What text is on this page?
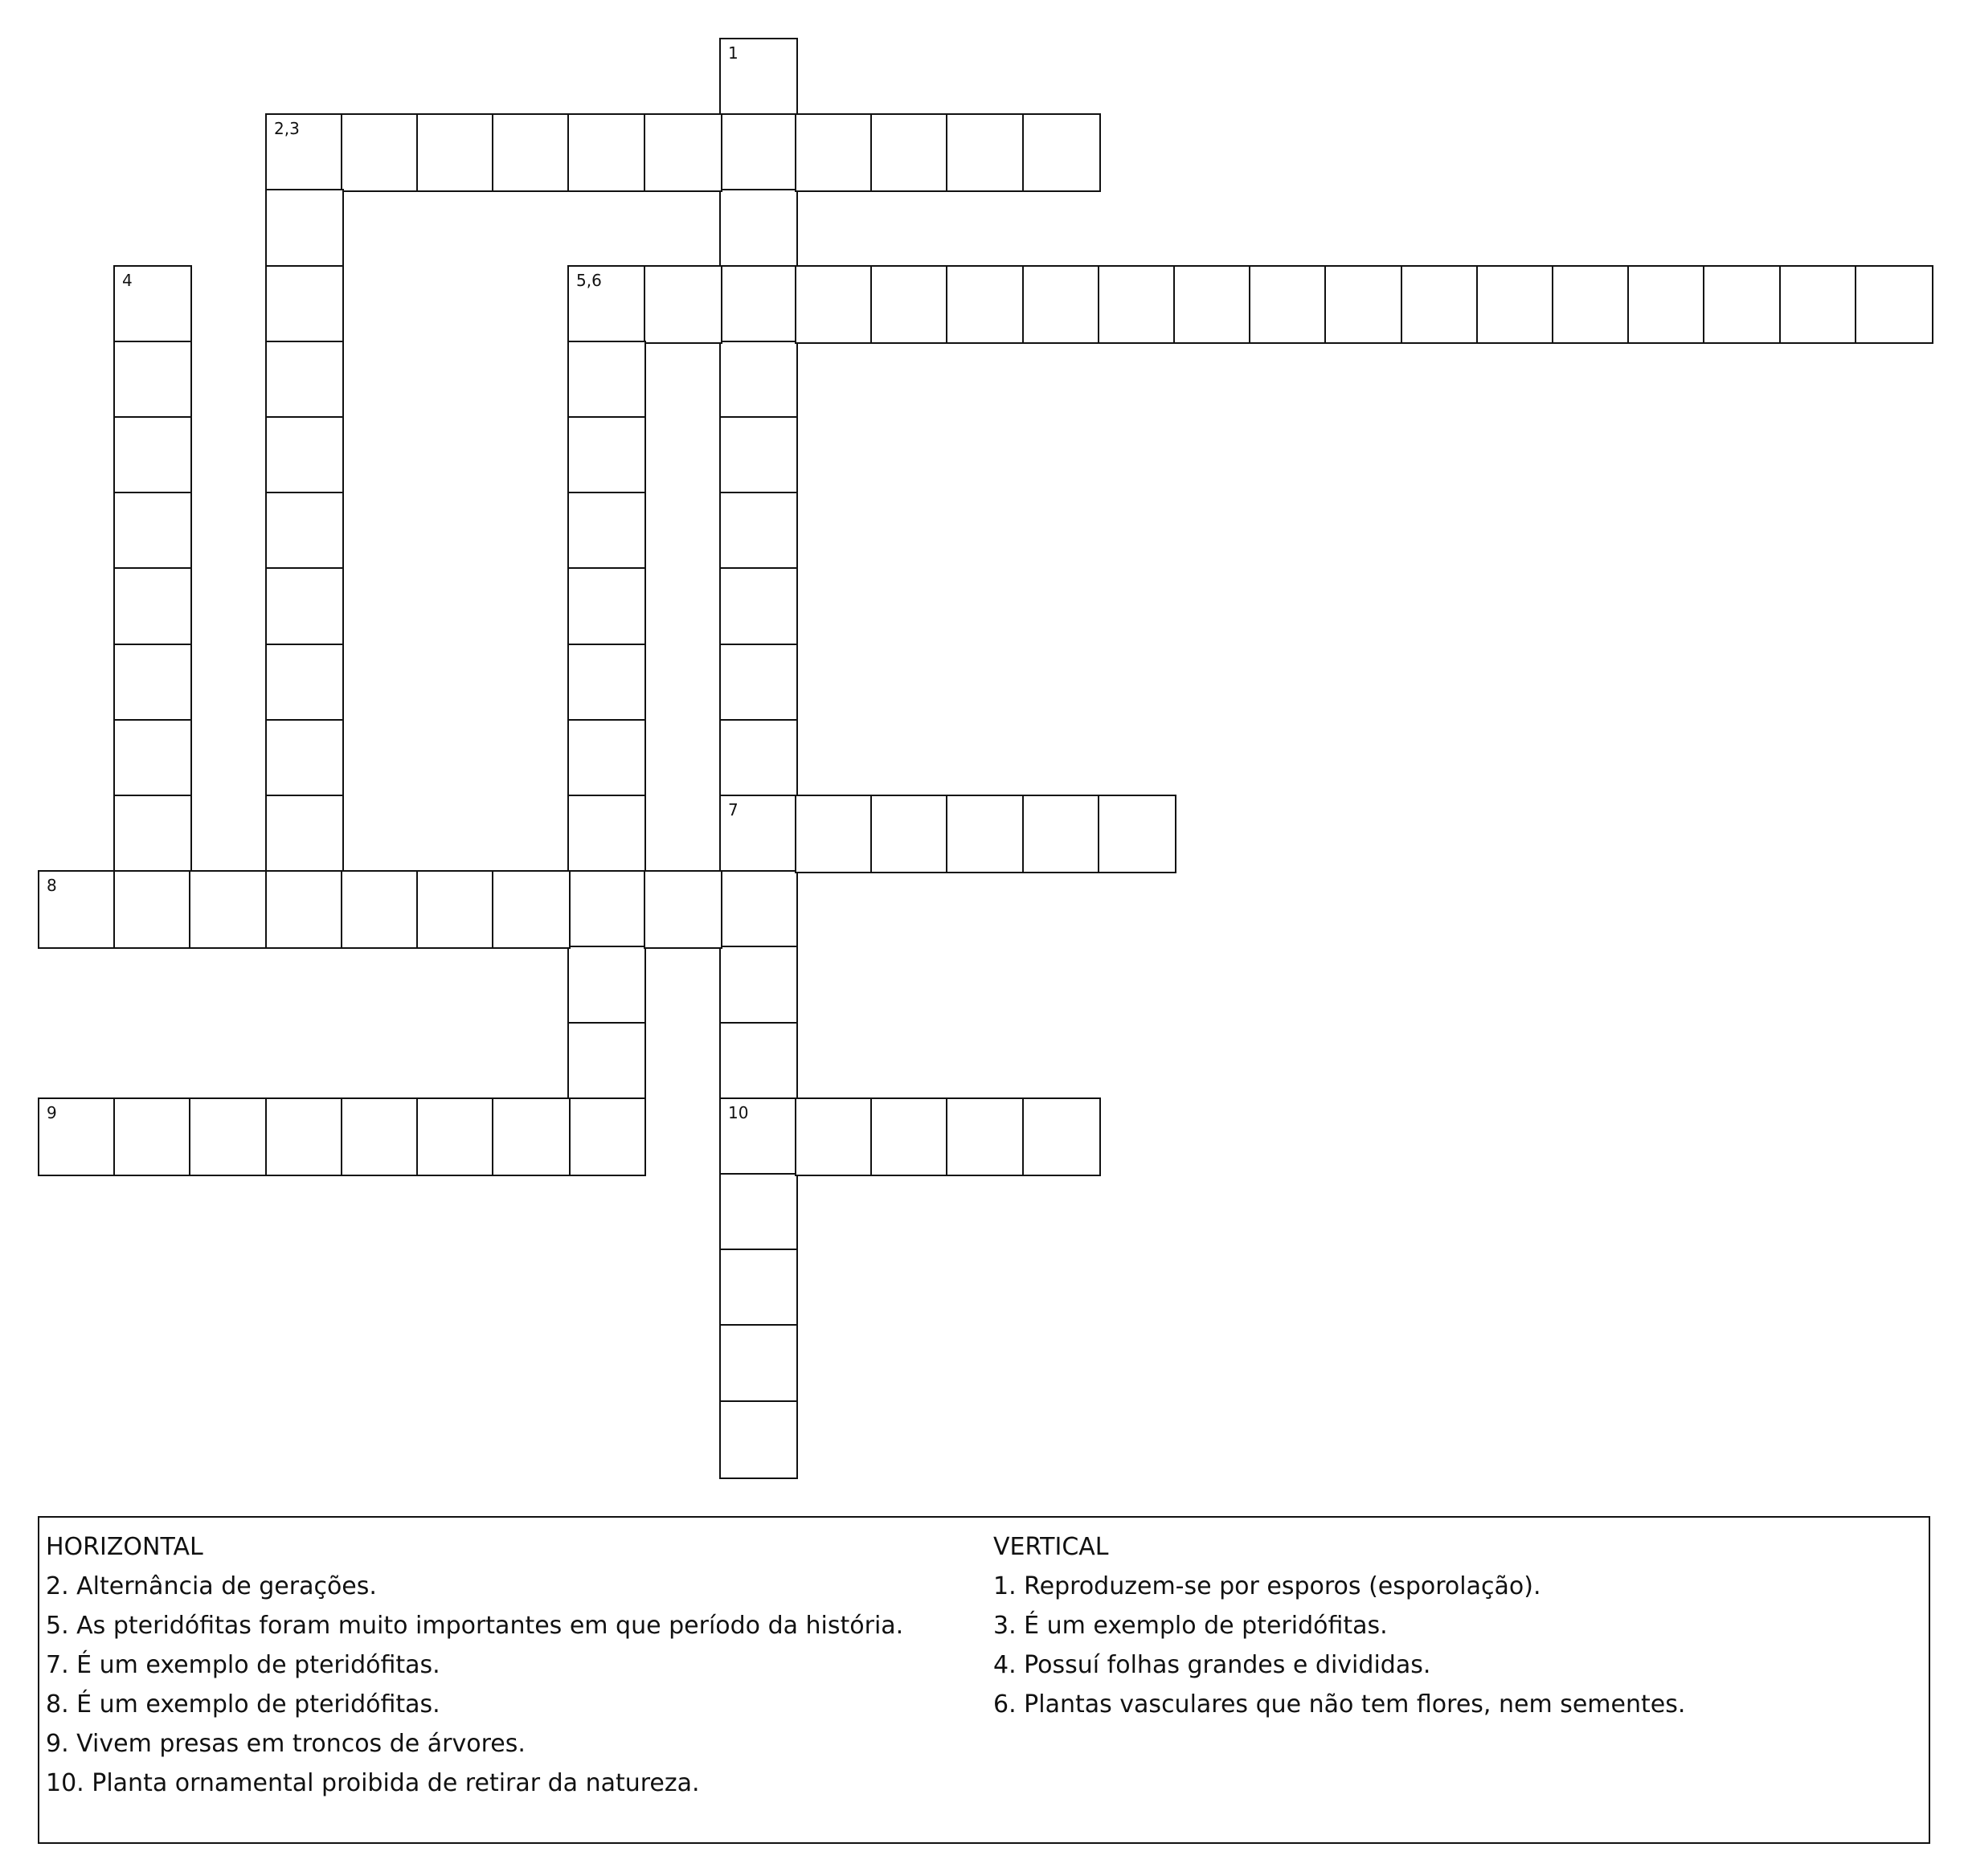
1
7
10
2,3
4	5,6
8
9
HORIZONTAL
2. Alternância de gerações.
5. As pteridófitas foram muito importantes em que período da história.
7. É um exemplo de pteridófitas.
8. É um exemplo de pteridófitas.
9. Vivem presas em troncos de árvores.
10. Planta ornamental proibida de retirar da natureza.
VERTICAL
1. Reproduzem-se por esporos (esporolação).
3. É um exemplo de pteridófitas.
4. Possuí folhas grandes e divididas.
6. Plantas vasculares que não tem flores, nem sementes.
